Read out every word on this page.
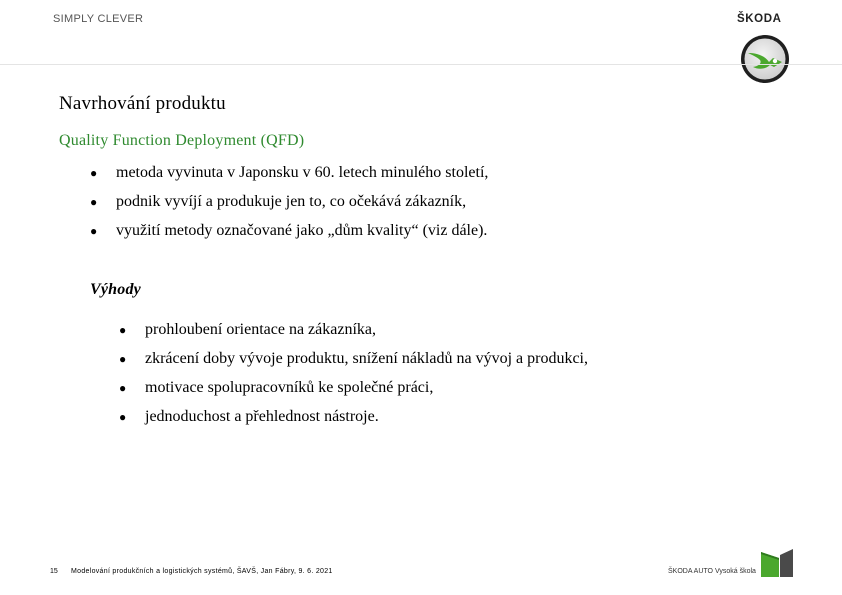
SIMPLY CLEVER	ŠKODA
Navrhování produktu
Quality Function Deployment (QFD)
● metoda vyvinuta v Japonsku v 60. letech minulého století,
● podnik vyvíjí a produkuje jen to, co očekává zákazník,
● využití metody označované jako „dům kvality“ (viz dále).
Výhody
● prohloubení orientace na zákazníka,
● zkrácení doby vývoje produktu, snížení nákladů na vývoj a produkci,
● motivace spolupracovníků ke společné práci,
● jednoduchost a přehlednost nástroje.
15 Modelování produkčních a logistických systémů, ŠAVŠ, Jan Fábry, 9. 6. 2021	ŠKODA AUTO Vysoká škola
